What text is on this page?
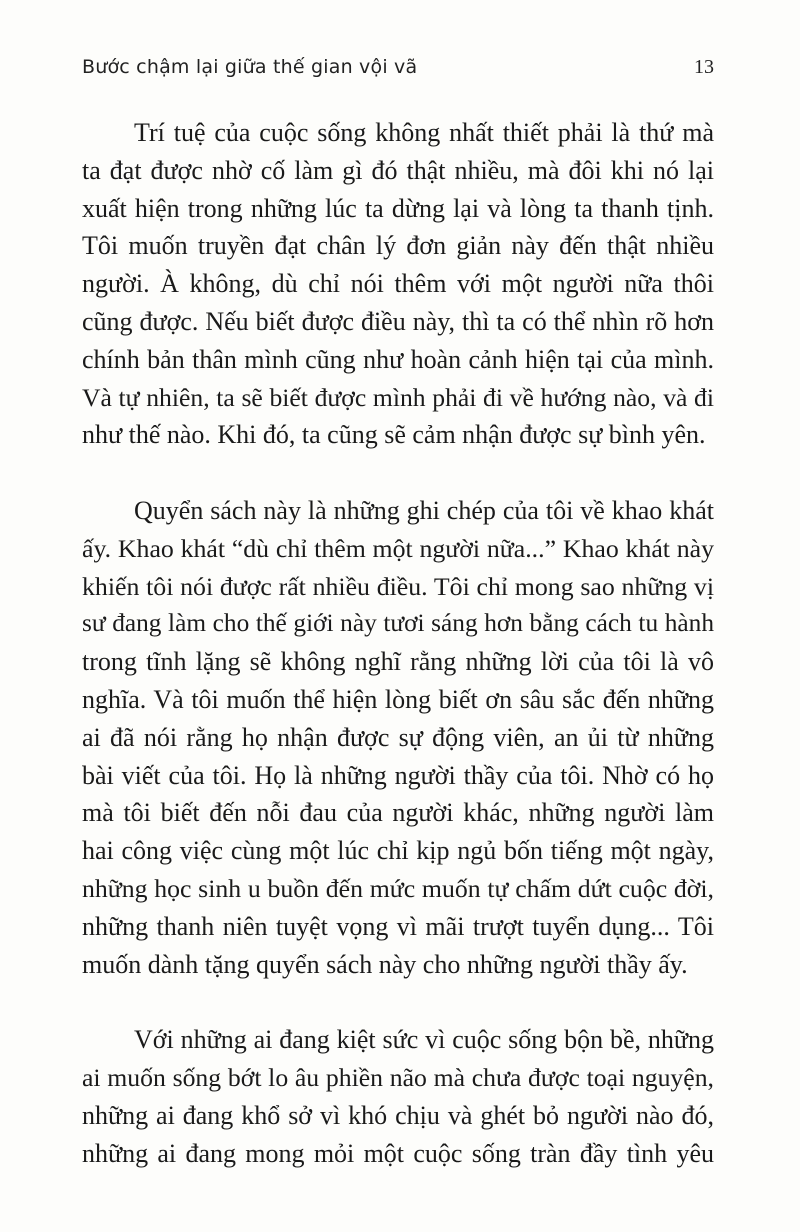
Bước chậm lại giữa thế gian vội vã	13

Trí tuệ của cuộc sống không nhất thiết phải là thứ mà
ta đạt được nhờ cố làm gì đó thật nhiều, mà đôi khi nó lại
xuất hiện trong những lúc ta dừng lại và lòng ta thanh tịnh.
Tôi muốn truyền đạt chân lý đơn giản này đến thật nhiều
người. À không, dù chỉ nói thêm với một người nữa thôi
cũng được. Nếu biết được điều này, thì ta có thể nhìn rõ hơn
chính bản thân mình cũng như hoàn cảnh hiện tại của mình.
Và tự nhiên, ta sẽ biết được mình phải đi về hướng nào, và đi
như thế nào. Khi đó, ta cũng sẽ cảm nhận được sự bình yên.

Quyển sách này là những ghi chép của tôi về khao khát
ấy. Khao khát “dù chỉ thêm một người nữa...” Khao khát này
khiến tôi nói được rất nhiều điều. Tôi chỉ mong sao những vị
sư đang làm cho thế giới này tươi sáng hơn bằng cách tu hành
trong tĩnh lặng sẽ không nghĩ rằng những lời của tôi là vô
nghĩa. Và tôi muốn thể hiện lòng biết ơn sâu sắc đến những
ai đã nói rằng họ nhận được sự động viên, an ủi từ những
bài viết của tôi. Họ là những người thầy của tôi. Nhờ có họ
mà tôi biết đến nỗi đau của người khác, những người làm
hai công việc cùng một lúc chỉ kịp ngủ bốn tiếng một ngày,
những học sinh u buồn đến mức muốn tự chấm dứt cuộc đời,
những thanh niên tuyệt vọng vì mãi trượt tuyển dụng... Tôi
muốn dành tặng quyển sách này cho những người thầy ấy.

Với những ai đang kiệt sức vì cuộc sống bộn bề, những
ai muốn sống bớt lo âu phiền não mà chưa được toại nguyện,
những ai đang khổ sở vì khó chịu và ghét bỏ người nào đó,
những ai đang mong mỏi một cuộc sống tràn đầy tình yêu
